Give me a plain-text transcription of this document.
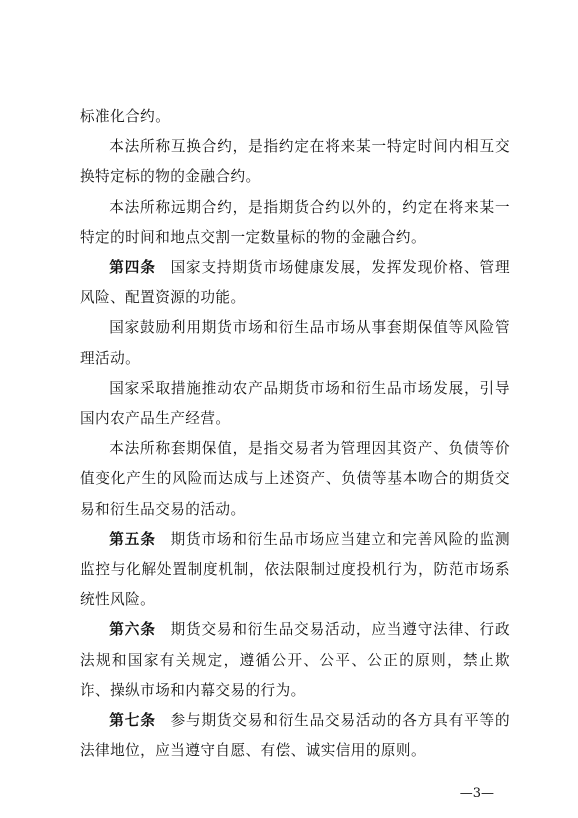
标准化合约。

本法所称互换合约，是指约定在将来某一特定时间内相互交换特定标的物的金融合约。

本法所称远期合约，是指期货合约以外的，约定在将来某一特定的时间和地点交割一定数量标的物的金融合约。

第四条 国家支持期货市场健康发展，发挥发现价格、管理风险、配置资源的功能。

国家鼓励利用期货市场和衍生品市场从事套期保值等风险管理活动。

国家采取措施推动农产品期货市场和衍生品市场发展，引导国内农产品生产经营。

本法所称套期保值，是指交易者为管理因其资产、负债等价值变化产生的风险而达成与上述资产、负债等基本吻合的期货交易和衍生品交易的活动。

第五条 期货市场和衍生品市场应当建立和完善风险的监测监控与化解处置制度机制，依法限制过度投机行为，防范市场系统性风险。

第六条 期货交易和衍生品交易活动，应当遵守法律、行政法规和国家有关规定，遵循公开、公平、公正的原则，禁止欺诈、操纵市场和内幕交易的行为。

第七条 参与期货交易和衍生品交易活动的各方具有平等的法律地位，应当遵守自愿、有偿、诚实信用的原则。

—3—
